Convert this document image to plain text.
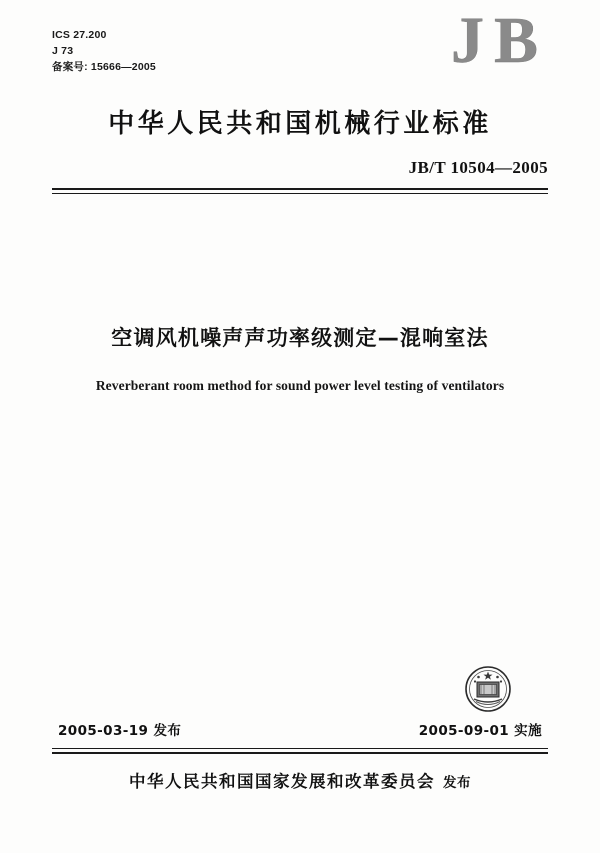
ICS 27.200
J 73
备案号: 15666—2005	JB
中华人民共和国机械行业标准
JB/T 10504—2005
空调风机噪声声功率级测定—混响室法
Reverberant room method for sound power level testing of ventilators
2005-03-19 发布	2005-09-01 实施
中华人民共和国国家发展和改革委员会 发布
